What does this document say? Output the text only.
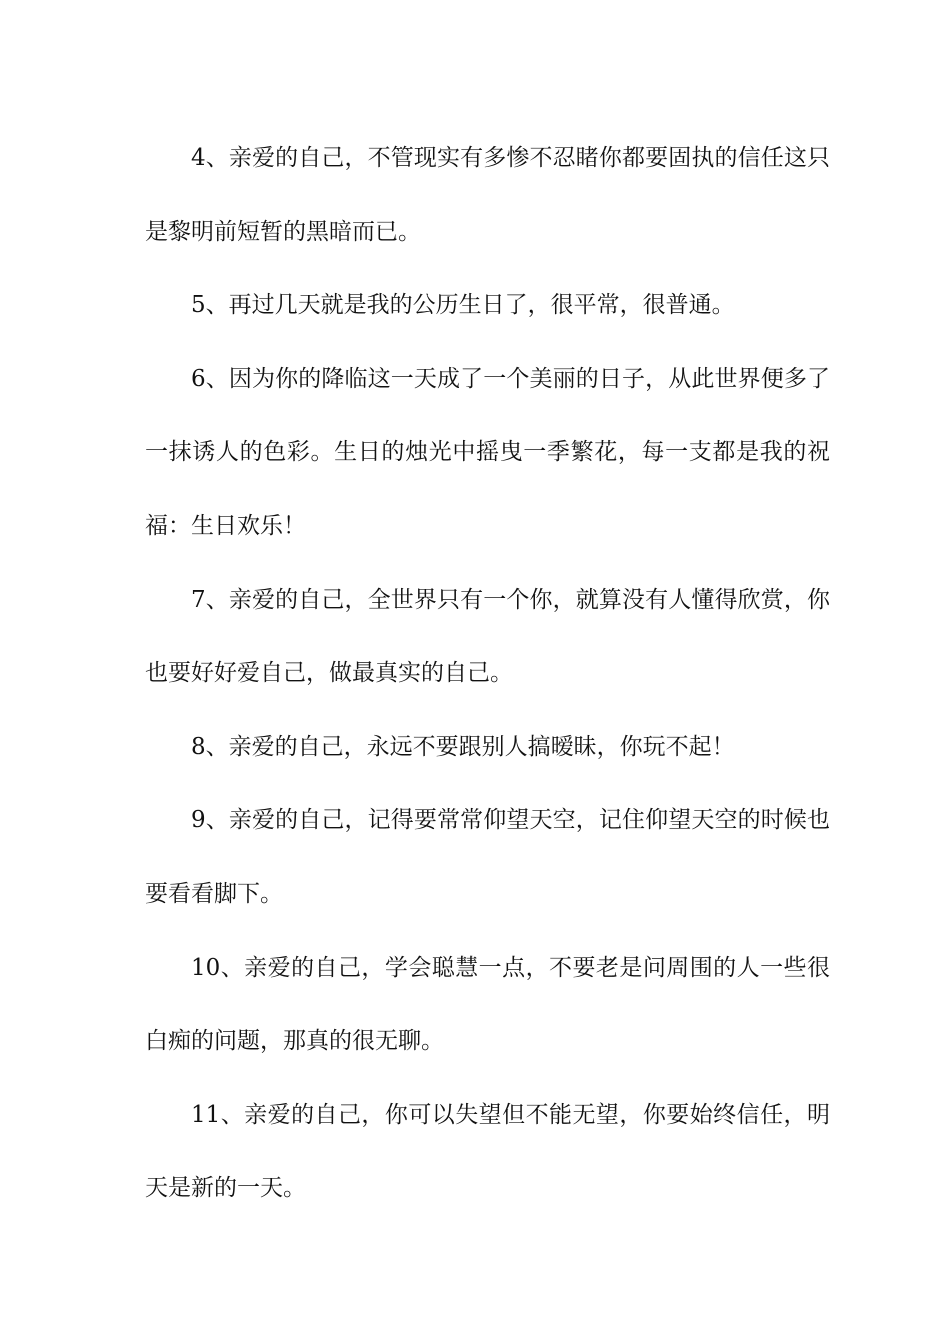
4、亲爱的自己，不管现实有多惨不忍睹你都要固执的信任这只是黎明前短暂的黑暗而已。

5、再过几天就是我的公历生日了，很平常，很普通。

6、因为你的降临这一天成了一个美丽的日子，从此世界便多了一抹诱人的色彩。生日的烛光中摇曳一季繁花，每一支都是我的祝福：生日欢乐！

7、亲爱的自己，全世界只有一个你，就算没有人懂得欣赏，你也要好好爱自己，做最真实的自己。

8、亲爱的自己，永远不要跟别人搞暧昧，你玩不起！

9、亲爱的自己，记得要常常仰望天空，记住仰望天空的时候也要看看脚下。

10、亲爱的自己，学会聪慧一点，不要老是问周围的人一些很白痴的问题，那真的很无聊。

11、亲爱的自己，你可以失望但不能无望，你要始终信任，明天是新的一天。
